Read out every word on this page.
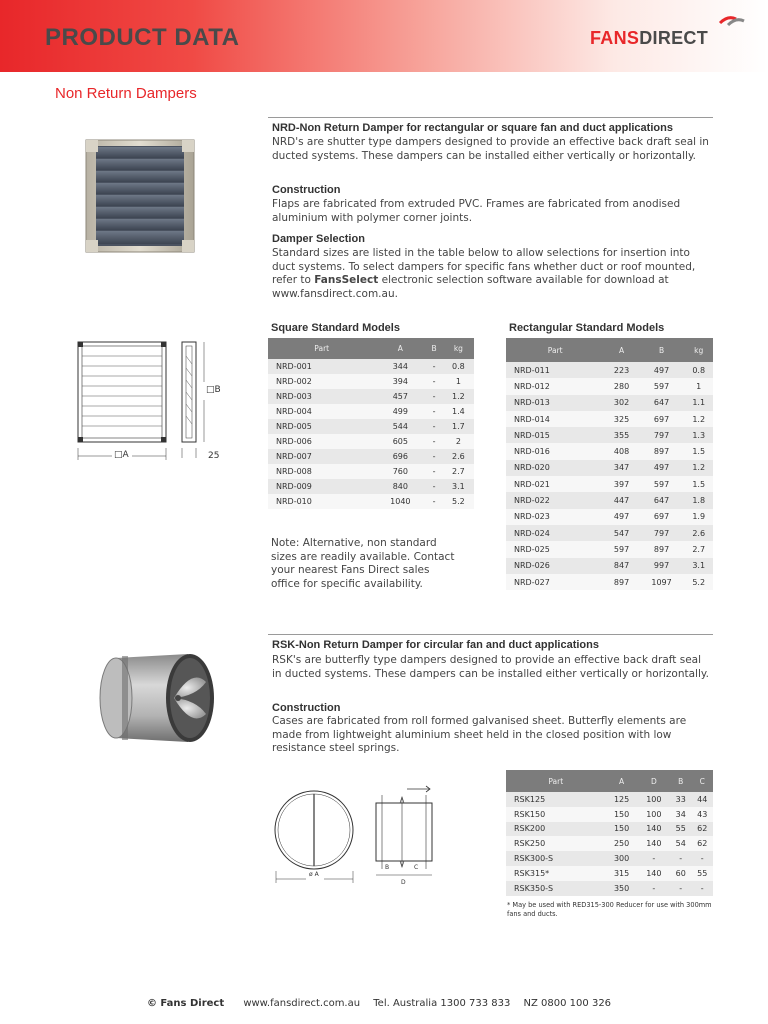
PRODUCT DATA	FANSDIRECT
Non Return Dampers
NRD-Non Return Damper for rectangular or square fan and duct applications
NRD's are shutter type dampers designed to provide an effective back draft seal in ducted systems. These dampers can be installed either vertically or horizontally.
Construction
Flaps are fabricated from extruded PVC. Frames are fabricated from anodised aluminium with polymer corner joints.
Damper Selection
Standard sizes are listed in the table below to allow selections for insertion into duct systems. To select dampers for specific fans whether duct or roof mounted, refer to FansSelect electronic selection software available for download at www.fansdirect.com.au.
□A
□B
25
Square Standard Models
Part	A	B	kg
NRD-001	344	-	0.8
NRD-002	394	-	1
NRD-003	457	-	1.2
NRD-004	499	-	1.4
NRD-005	544	-	1.7
NRD-006	605	-	2
NRD-007	696	-	2.6
NRD-008	760	-	2.7
NRD-009	840	-	3.1
NRD-010	1040	-	5.2
Note: Alternative, non standard sizes are readily available. Contact your nearest Fans Direct sales office for specific availability.
Rectangular Standard Models
Part	A	B	kg
NRD-011	223	497	0.8
NRD-012	280	597	1
NRD-013	302	647	1.1
NRD-014	325	697	1.2
NRD-015	355	797	1.3
NRD-016	408	897	1.5
NRD-020	347	497	1.2
NRD-021	397	597	1.5
NRD-022	447	647	1.8
NRD-023	497	697	1.9
NRD-024	547	797	2.6
NRD-025	597	897	2.7
NRD-026	847	997	3.1
NRD-027	897	1097	5.2
RSK-Non Return Damper for circular fan and duct applications
RSK's are butterfly type dampers designed to provide an effective back draft seal in ducted systems. These dampers can be installed either vertically or horizontally.
Construction
Cases are fabricated from roll formed galvanised sheet. Butterfly elements are made from lightweight aluminium sheet held in the closed position with low resistance steel springs.
ø A
B	C
D
Part	A	D	B	C
RSK125	125	100	33	44
RSK150	150	100	34	43
RSK200	150	140	55	62
RSK250	250	140	54	62
RSK300-S	300	-	-	-
RSK315*	315	140	60	55
RSK350-S	350	-	-	-
* May be used with RED315-300 Reducer for use with 300mm fans and ducts.
© Fans Direct www.fansdirect.com.au Tel. Australia 1300 733 833 NZ 0800 100 326
